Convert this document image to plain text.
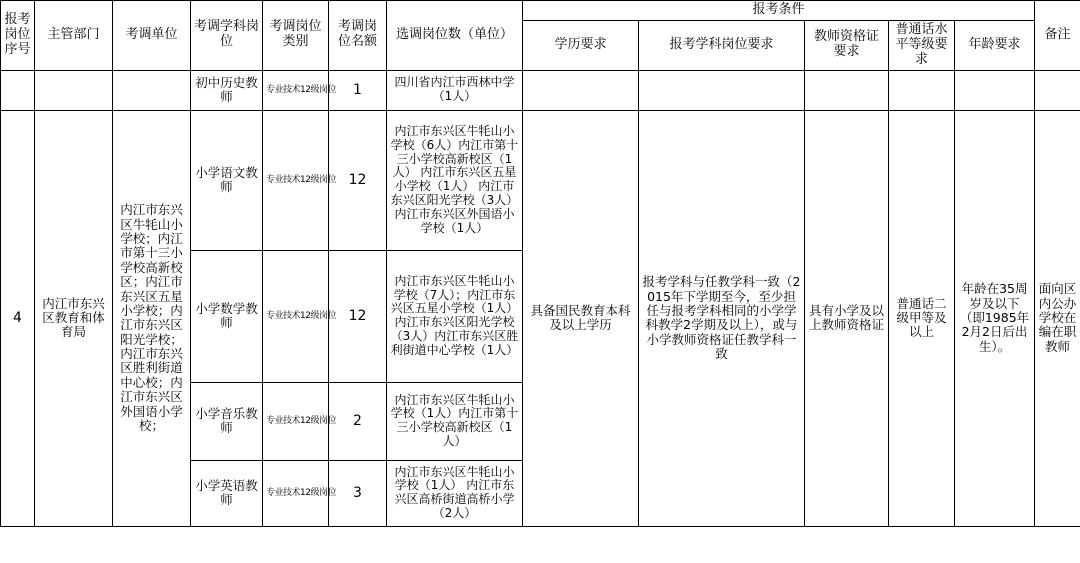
报考岗位序号	主管部门	考调单位	考调学科岗位	考调岗位类别	考调岗位名额	选调岗位数（单位）	报考条件					备注
							学历要求	报考学科岗位要求	教师资格证要求	普通话水平等级要求	年龄要求	
			初中历史教师	专业技术12级岗位	1	四川省内江市西林中学（1人）						
4	内江市东兴区教育和体育局	内江市东兴区牛牦山小学校；内江市第十三小学校高新校区；内江市东兴区五星小学校；内江市东兴区阳光学校；内江市东兴区胜利街道中心校；内江市东兴区外国语小学校；	小学语文教师	专业技术12级岗位	12	内江市东兴区牛牦山小学校（6人）内江市第十三小学校高新校区（1人） 内江市东兴区五星小学校（1人） 内江市东兴区阳光学校（3人）内江市东兴区外国语小学校（1人）	具备国民教育本科及以上学历	报考学科与任教学科一致（2015年下学期至今，至少担任与报考学科相同的小学学科教学2学期及以上），或与小学教师资格证任教学科一致	具有小学及以上教师资格证	普通话二级甲等及以上	年龄在35周岁及以下（即1985年2月2日后出生）。	面向区内公办学校在编在职教师
			小学数学教师	专业技术12级岗位	12	内江市东兴区牛牦山小学校（7人）；内江市东兴区五星小学校（1人） 内江市东兴区阳光学校（3人）内江市东兴区胜利街道中心学校（1人）						
			小学音乐教师	专业技术12级岗位	2	内江市东兴区牛牦山小学校（1人）内江市第十三小学校高新校区（1人）						
			小学英语教师	专业技术12级岗位	3	内江市东兴区牛牦山小学校（1人） 内江市东兴区高桥街道高桥小学（2人）						
